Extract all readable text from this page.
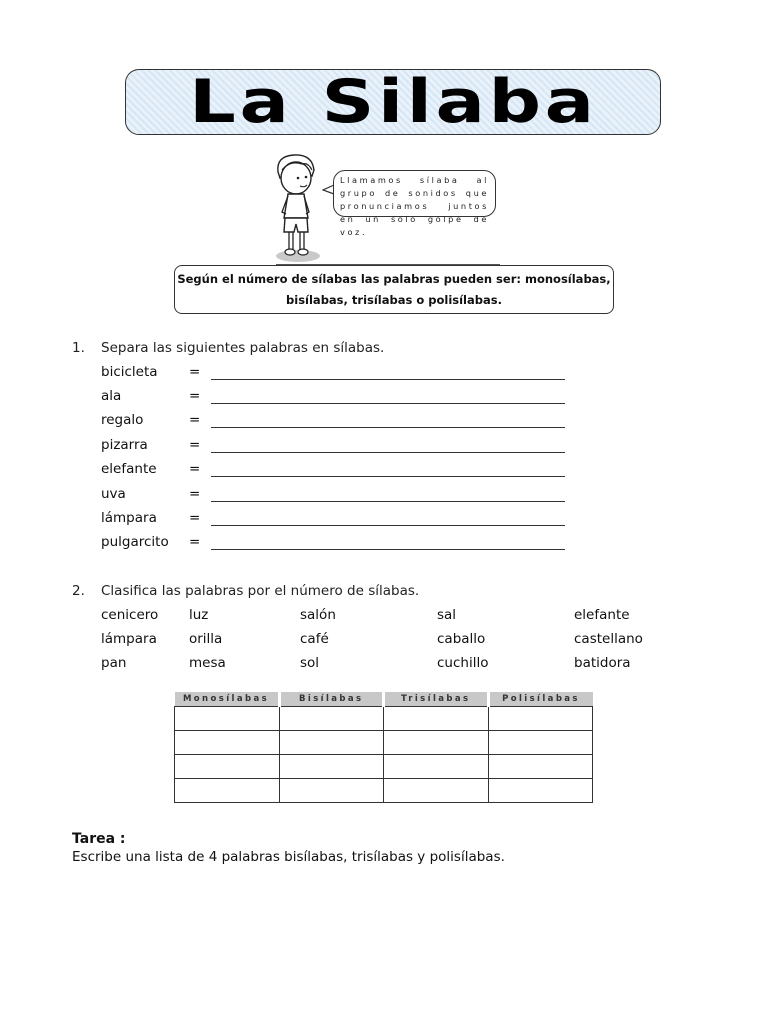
La Silaba
Llamamos sílaba al grupo de sonidos que pronunciamos juntos en un solo golpe de voz.
Según el número de sílabas las palabras pueden ser: monosílabas,
bisílabas, trisílabas o polisílabas.
1. Separa las siguientes palabras en sílabas.
bicicleta =
ala	=
regalo	=
pizarra	=
elefante =
uva	=
lámpara =
pulgarcito =
2. Clasifica las palabras por el número de sílabas.
cenicero luz	salón	sal	elefante
lámpara orilla	café	caballo	castellano
pan	mesa	sol	cuchillo	batidora
Monosílabas	Bisílabas	Trisílabas	Polisílabas

Tarea :
Escribe una lista de 4 palabras bisílabas, trisílabas y polisílabas.
